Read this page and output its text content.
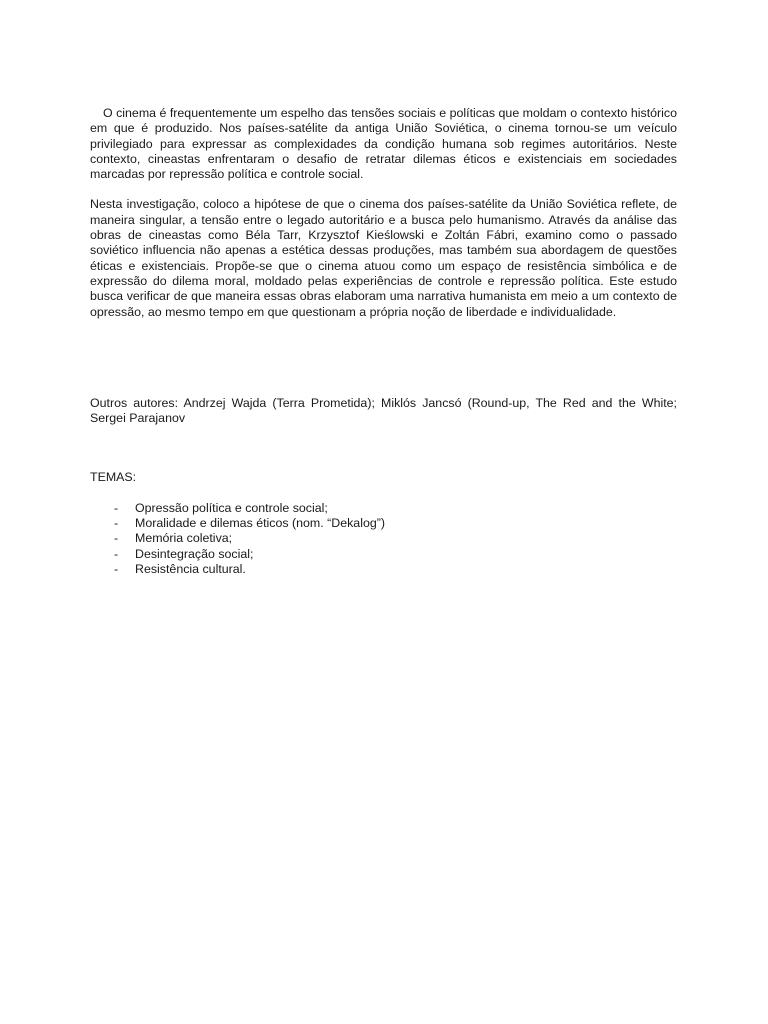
O cinema é frequentemente um espelho das tensões sociais e políticas que moldam o contexto histórico em que é produzido. Nos países-satélite da antiga União Soviética, o cinema tornou-se um veículo privilegiado para expressar as complexidades da condição humana sob regimes autoritários. Neste contexto, cineastas enfrentaram o desafio de retratar dilemas éticos e existenciais em sociedades marcadas por repressão política e controle social.

Nesta investigação, coloco a hipótese de que o cinema dos países-satélite da União Soviética reflete, de maneira singular, a tensão entre o legado autoritário e a busca pelo humanismo. Através da análise das obras de cineastas como Béla Tarr, Krzysztof Kieślowski e Zoltán Fábri, examino como o passado soviético influencia não apenas a estética dessas produções, mas também sua abordagem de questões éticas e existenciais. Propõe-se que o cinema atuou como um espaço de resistência simbólica e de expressão do dilema moral, moldado pelas experiências de controle e repressão política. Este estudo busca verificar de que maneira essas obras elaboram uma narrativa humanista em meio a um contexto de opressão, ao mesmo tempo em que questionam a própria noção de liberdade e individualidade.

Outros autores: Andrzej Wajda (Terra Prometida); Miklós Jancsó (Round-up, The Red and the White; Sergei Parajanov

TEMAS:

- Opressão política e controle social;
- Moralidade e dilemas éticos (nom. “Dekalog”)
- Memória coletiva;
- Desintegração social;
- Resistência cultural.
